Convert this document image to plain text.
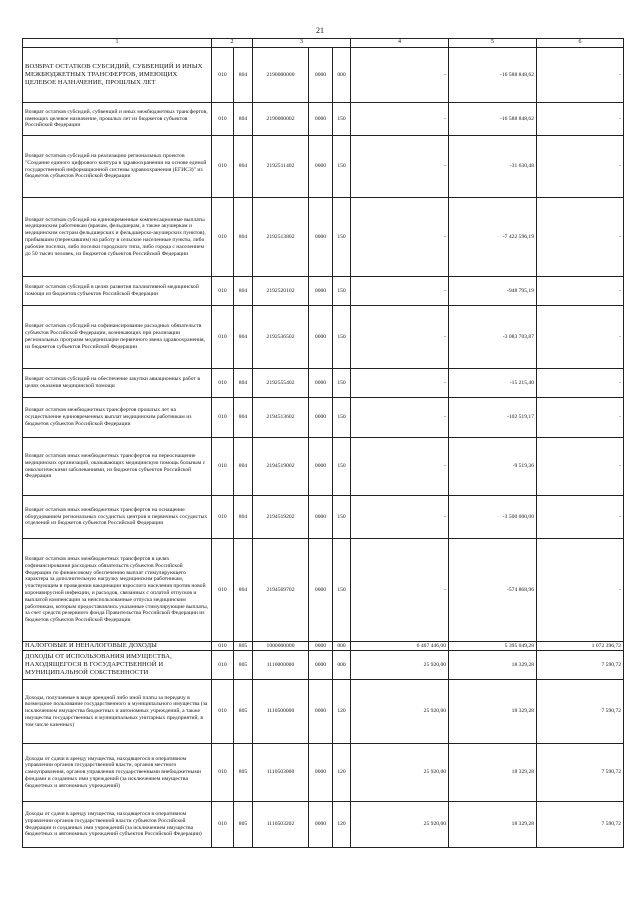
21
1	2		3			4	5	6
ВОЗВРАТ ОСТАТКОВ СУБСИДИЙ, СУБВЕНЦИЙ И ИНЫХ МЕЖБЮДЖЕТНЫХ ТРАНСФЕРТОВ, ИМЕЮЩИХ ЦЕЛЕВОЕ НАЗНАЧЕНИЕ, ПРОШЛЫХ ЛЕТ	010	804	2190000000	0000	000	-	-16 588 848,62	-
Возврат остатков субсидий, субвенций и иных межбюджетных трансфертов, имеющих целевое назначение, прошлых лет из бюджетов субъектов Российской Федерации	010	804	2190000002	0000	150	-	-16 588 848,62	-
Возврат остатков субсидий на реализацию региональных проектов "Создание единого цифрового контура в здравоохранении на основе единой государственной информационной системы здравоохранения (ЕГИСЗ)" из бюджетов субъектов Российской Федерации	010	804	2192511402	0000	150	-	-31 630,48	-
Возврат остатков субсидий на единовременные компенсационные выплаты медицинским работникам (врачам, фельдшерам, а также акушеркам и медицинским сестрам фельдшерских и фельдшерско-акушерских пунктов), прибывшим (переехавшим) на работу в сельские населенные пункты, либо рабочие поселки, либо поселки городского типа, либо города с населением до 50 тысяч человек, из бюджетов субъектов Российской Федерации	010	804	2192513802	0000	150	-	-7 422 596,19	-
Возврат остатков субсидий в целях развития паллиативной медицинской помощи из бюджетов субъектов Российской Федерации	010	804	2192520102	0000	150	-	-948 795,19	-
Возврат остатков субсидий на софинансирование расходных обязательств субъектов Российской Федерации, возникающих при реализации региональных программ модернизации первичного звена здравоохранения, из бюджетов субъектов Российской Федерации	010	804	2192536502	0000	150	-	-3 083 703,87	-
Возврат остатков субсидий на обеспечение закупки авиационных работ в целях оказания медицинской помощи	010	804	2192555402	0000	150	-	-15 215,40	-
Возврат остатков межбюджетных трансфертов прошлых лет на осуществление единовременных выплат медицинским работникам из бюджетов субъектов Российской Федерации	010	804	2194513602	0000	150	-	-102 519,17	-
Возврат остатков иных межбюджетных трансфертов на переоснащение медицинских организаций, оказывающих медицинскую помощь больным с онкологическими заболеваниями, из бюджетов субъектов Российской Федерации	010	804	2194519002	0000	150	-	-9 519,36	-
Возврат остатков иных межбюджетных трансфертов на оснащение оборудованием региональных сосудистых центров и первичных сосудистых отделений из бюджетов субъектов Российской Федерации	010	804	2194519202	0000	150	-	-3 500 000,00	-
Возврат остатков иных межбюджетных трансфертов в целях софинансирования расходных обязательств субъектов Российской Федерации по финансовому обеспечению выплат стимулирующего характера за дополнительную нагрузку медицинским работникам, участвующим в проведении вакцинации взрослого населения против новой коронавирусной инфекции, и расходов, связанных с оплатой отпусков и выплатой компенсации за неиспользованные отпуска медицинским работникам, которым предоставлялись указанные стимулирующие выплаты, за счет средств резервного фонда Правительства Российской Федерации из бюджетов субъектов Российской Федерации	010	804	2194569702	0000	150	-	-574 868,96	-
НАЛОГОВЫЕ И НЕНАЛОГОВЫЕ ДОХОДЫ	010	805	1000000000	0000	000	6 467 446,00	5 395 049,28	1 072 396,72
ДОХОДЫ ОТ ИСПОЛЬЗОВАНИЯ ИМУЩЕСТВА, НАХОДЯЩЕГОСЯ В ГОСУДАРСТВЕННОЙ И МУНИЦИПАЛЬНОЙ СОБСТВЕННОСТИ	010	805	1110000000	0000	000	25 920,00	18 329,28	7 590,72
Доходы, получаемые в виде арендной либо иной платы за передачу в возмездное пользование государственного и муниципального имущества (за исключением имущества бюджетных и автономных учреждений, а также имущества государственных и муниципальных унитарных предприятий, в том числе казенных)	010	805	1110500000	0000	120	25 920,00	18 329,28	7 590,72
Доходы от сдачи в аренду имущества, находящегося в оперативном управлении органов государственной власти, органов местного самоуправления, органов управления государственными внебюджетными фондами и созданных ими учреждений (за исключением имущества бюджетных и автономных учреждений)	010	805	1110503000	0000	120	25 920,00	18 329,28	7 590,72
Доходы от сдачи в аренду имущества, находящегося в оперативном управлении органов государственной власти субъектов Российской Федерации и созданных ими учреждений (за исключением имущества бюджетных и автономных учреждений субъектов Российской Федерации)	010	805	1110503202	0000	120	25 920,00	18 329,28	7 590,72
